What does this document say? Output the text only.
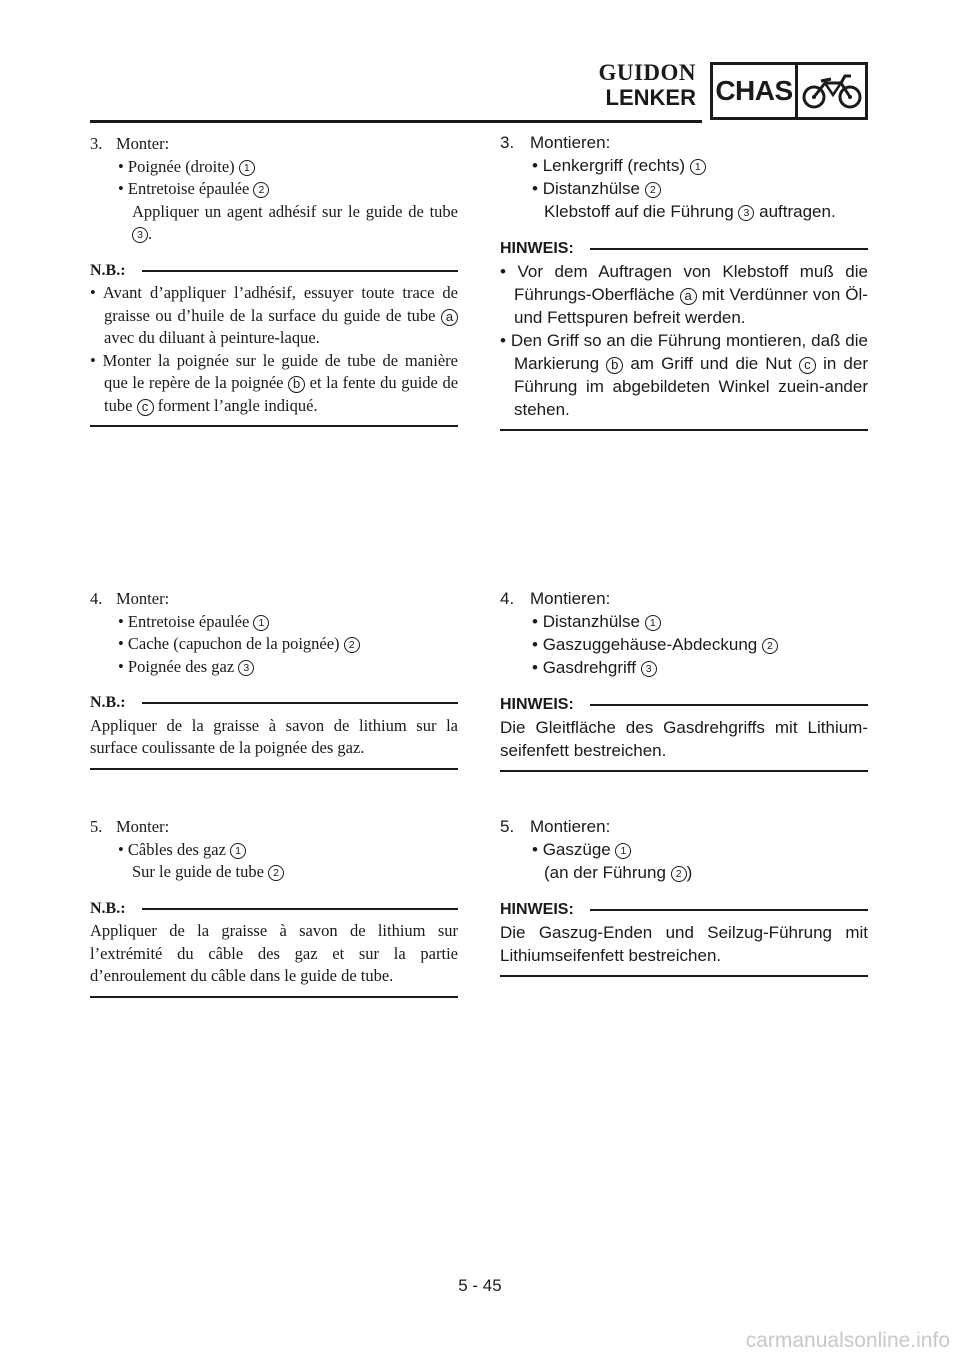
GUIDON
LENKER CHAS

3. Monter:

• Poignée (droite) 1
• Entretoise épaulée 2
Appliquer un agent adhésif sur le guide de tube 3 .
N.B.:
• Avant d’appliquer l’adhésif, essuyer toute trace de graisse ou d’huile de la surface du guide de tube a avec du diluant à peinture-laque.
• Monter la poignée sur le guide de tube de manière que le repère de la poignée b et la fente du guide de tube c forment l’angle indiqué.

3. Montieren:

• Lenkergriff (rechts) 1
• Distanzhülse 2
Klebstoff auf die Führung 3 auftragen.
HINWEIS:
• Vor dem Auftragen von Klebstoff muß die Führungs-Oberfläche a mit Verdünner von Öl- und Fettspuren befreit werden.
• Den Griff so an die Führung montieren, daß die Markierung b am Griff und die Nut c in der Führung im abgebildeten Winkel zuein-ander stehen.

4. Monter:

• Entretoise épaulée 1
• Cache (capuchon de la poignée) 2
• Poignée des gaz 3
N.B.:
Appliquer de la graisse à savon de lithium sur la surface coulissante de la poignée des gaz.

4. Montieren:

• Distanzhülse 1
• Gaszuggehäuse-Abdeckung 2
• Gasdrehgriff 3
HINWEIS:
Die Gleitfläche des Gasdrehgriffs mit Lithium-seifenfett bestreichen.

5. Monter:

• Câbles des gaz 1
Sur le guide de tube 2
N.B.:
Appliquer de la graisse à savon de lithium sur l’extrémité du câble des gaz et sur la partie d’enroulement du câble dans le guide de tube.

5. Montieren:

• Gaszüge 1
(an der Führung 2 )
HINWEIS:
Die Gaszug-Enden und Seilzug-Führung mit Lithiumseifenfett bestreichen.
5 - 45
carmanualsonline.info
